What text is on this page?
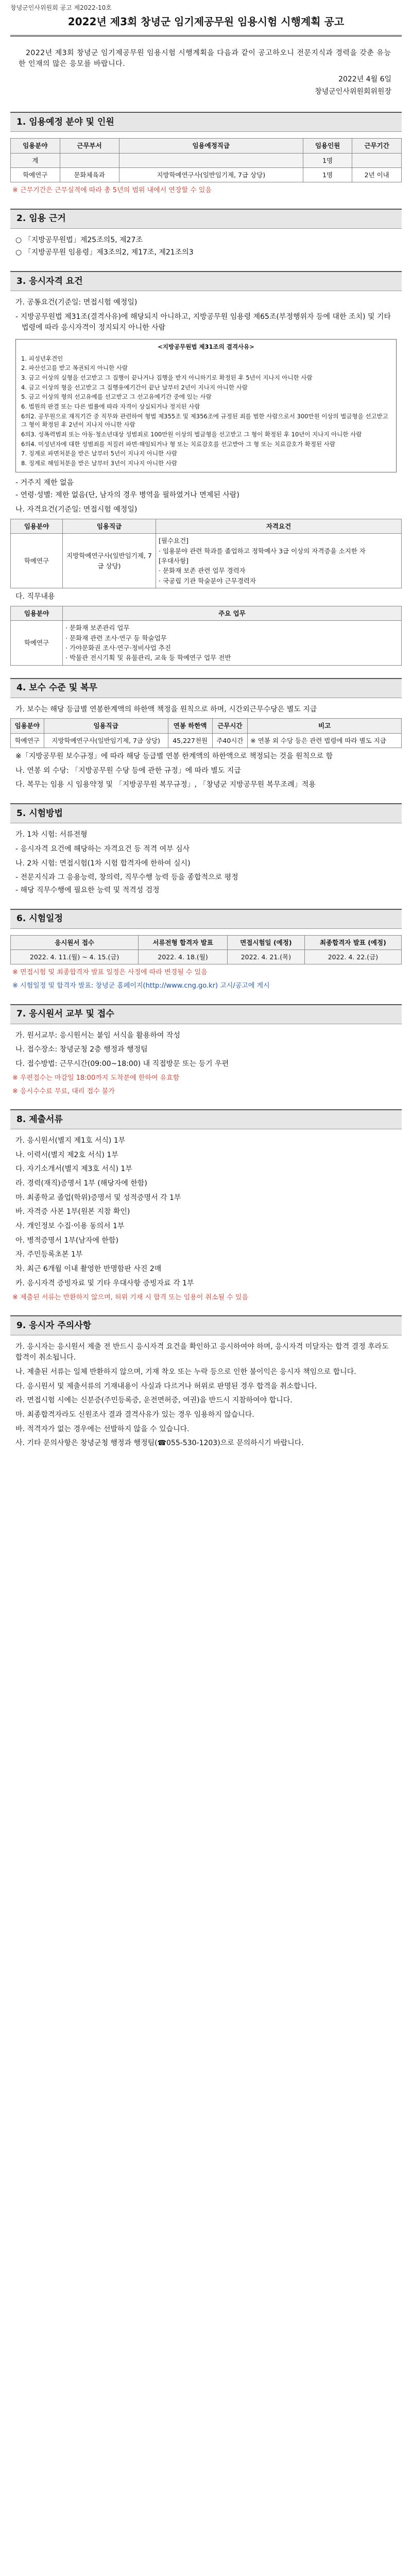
창녕군인사위원회 공고 제2022-10호
2022년 제3회 창녕군 임기제공무원 임용시험 시행계획 공고

2022년 제3회 창녕군 임기제공무원 임용시험 시행계획을 다음과 같이 공고하오니 전문지식과 경력을 갖춘 유능한 인재의 많은 응모를 바랍니다.

2022년 4월 6일
창녕군인사위원회위원장
1. 임용예정 분야 및 인원
임용분야	근무부서	임용예정직급	임용인원	근무기간
계			1명	
학예연구	문화체육과	지방학예연구사(일반임기제, 7급 상당)	1명	2년 이내
※ 근무기간은 근무실적에 따라 총 5년의 범위 내에서 연장할 수 있음
2. 임용 근거
○ 「지방공무원법」제25조의5, 제27조
○ 「지방공무원 임용령」제3조의2, 제17조, 제21조의3
3. 응시자격 요건
가. 공통요건(기준일: 면접시험 예정일)
- 지방공무원법 제31조(결격사유)에 해당되지 아니하고, 지방공무원 임용령 제65조(부정행위자 등에 대한 조치) 및 기타 법령에 따라 응시자격이 정지되지 아니한 사람
<지방공무원법 제31조의 결격사유>

1. 피성년후견인

2. 파산선고를 받고 복권되지 아니한 사람

3. 금고 이상의 실형을 선고받고 그 집행이 끝나거나 집행을 받지 아니하기로 확정된 후 5년이 지나지 아니한 사람

4. 금고 이상의 형을 선고받고 그 집행유예기간이 끝난 날부터 2년이 지나지 아니한 사람

5. 금고 이상의 형의 선고유예를 선고받고 그 선고유예기간 중에 있는 사람

6. 법원의 판결 또는 다른 법률에 따라 자격이 상실되거나 정지된 사람

6의2. 공무원으로 재직기간 중 직무와 관련하여 형법 제355조 및 제356조에 규정된 죄를 범한 사람으로서 300만원 이상의 벌금형을 선고받고 그 형이 확정된 후 2년이 지나지 아니한 사람

6의3. 성폭력범죄 또는 아동·청소년대상 성범죄로 100만원 이상의 벌금형을 선고받고 그 형이 확정된 후 10년이 지나지 아니한 사람

6의4. 미성년자에 대한 성범죄를 저질러 파면·해임되거나 형 또는 치료감호를 선고받아 그 형 또는 치료감호가 확정된 사람

7. 징계로 파면처분을 받은 날부터 5년이 지나지 아니한 사람

8. 징계로 해임처분을 받은 날부터 3년이 지나지 아니한 사람

- 거주지 제한 없음
- 연령·성별: 제한 없음(단, 남자의 경우 병역을 필하였거나 면제된 사람)
나. 자격요건(기준일: 면접시험 예정일)
임용분야	임용직급	자격요건
학예연구	지방학예연구사(일반임기제, 7급 상당)	[필수요건]
· 임용분야 관련 학과를 졸업하고 정학예사 3급 이상의 자격증을 소지한 자
[우대사항]
· 문화재 보존 관련 업무 경력자
· 국공립 기관 학술분야 근무경력자
다. 직무내용
임용분야	주요 업무
학예연구	· 문화재 보존관리 업무
· 문화재 관련 조사·연구 등 학술업무
· 가야문화권 조사·연구·정비사업 추진
· 박물관 전시기획 및 유물관리, 교육 등 학예연구 업무 전반
4. 보수 수준 및 복무
가. 보수는 해당 등급별 연봉한계액의 하한액 책정을 원칙으로 하며, 시간외근무수당은 별도 지급
임용분야	임용직급	연봉 하한액	근무시간	비고
학예연구	지방학예연구사(일반임기제, 7급 상당)	45,227천원	주40시간	※ 연봉 외 수당 등은 관련 법령에 따라 별도 지급
※「지방공무원 보수규정」에 따라 해당 등급별 연봉 한계액의 하한액으로 책정되는 것을 원칙으로 함
나. 연봉 외 수당: 「지방공무원 수당 등에 관한 규정」에 따라 별도 지급
다. 복무는 임용 시 임용약정 및 「지방공무원 복무규정」, 「창녕군 지방공무원 복무조례」적용
5. 시험방법
가. 1차 시험: 서류전형
- 응시자격 요건에 해당하는 자격요건 등 적격 여부 심사
나. 2차 시험: 면접시험(1차 시험 합격자에 한하여 실시)
- 전문지식과 그 응용능력, 창의력, 직무수행 능력 등을 종합적으로 평정
- 해당 직무수행에 필요한 능력 및 적격성 검정
6. 시험일정
응시원서 접수	서류전형 합격자 발표	면접시험일 (예정)	최종합격자 발표 (예정)
2022. 4. 11.(월) ~ 4. 15.(금)	2022. 4. 18.(월)	2022. 4. 21.(목)	2022. 4. 22.(금)
※ 면접시험 및 최종합격자 발표 일정은 사정에 따라 변경될 수 있음
※ 시험일정 및 합격자 발표: 창녕군 홈페이지(http://www.cng.go.kr) 고시/공고에 게시
7. 응시원서 교부 및 접수
가. 원서교부: 응시원서는 붙임 서식을 활용하여 작성
나. 접수장소: 창녕군청 2층 행정과 행정팀
다. 접수방법: 근무시간(09:00~18:00) 내 직접방문 또는 등기 우편
※ 우편접수는 마감일 18:00까지 도착분에 한하여 유효함
※ 응시수수료 무료, 대리 접수 불가
8. 제출서류
가. 응시원서(별지 제1호 서식) 1부
나. 이력서(별지 제2호 서식) 1부
다. 자기소개서(별지 제3호 서식) 1부
라. 경력(재직)증명서 1부 (해당자에 한함)
마. 최종학교 졸업(학위)증명서 및 성적증명서 각 1부
바. 자격증 사본 1부(원본 지참 확인)
사. 개인정보 수집·이용 동의서 1부
아. 병적증명서 1부(남자에 한함)
자. 주민등록초본 1부
차. 최근 6개월 이내 촬영한 반명함판 사진 2매
카. 응시자격 증빙자료 및 기타 우대사항 증빙자료 각 1부
※ 제출된 서류는 반환하지 않으며, 허위 기재 시 합격 또는 임용이 취소될 수 있음
9. 응시자 주의사항
가. 응시자는 응시원서 제출 전 반드시 응시자격 요건을 확인하고 응시하여야 하며, 응시자격 미달자는 합격 결정 후라도 합격이 취소됩니다.
나. 제출된 서류는 일체 반환하지 않으며, 기재 착오 또는 누락 등으로 인한 불이익은 응시자 책임으로 합니다.
다. 응시원서 및 제출서류의 기재내용이 사실과 다르거나 허위로 판명된 경우 합격을 취소합니다.
라. 면접시험 시에는 신분증(주민등록증, 운전면허증, 여권)을 반드시 지참하여야 합니다.
마. 최종합격자라도 신원조사 결과 결격사유가 있는 경우 임용하지 않습니다.
바. 적격자가 없는 경우에는 선발하지 않을 수 있습니다.
사. 기타 문의사항은 창녕군청 행정과 행정팀(☎055-530-1203)으로 문의하시기 바랍니다.
